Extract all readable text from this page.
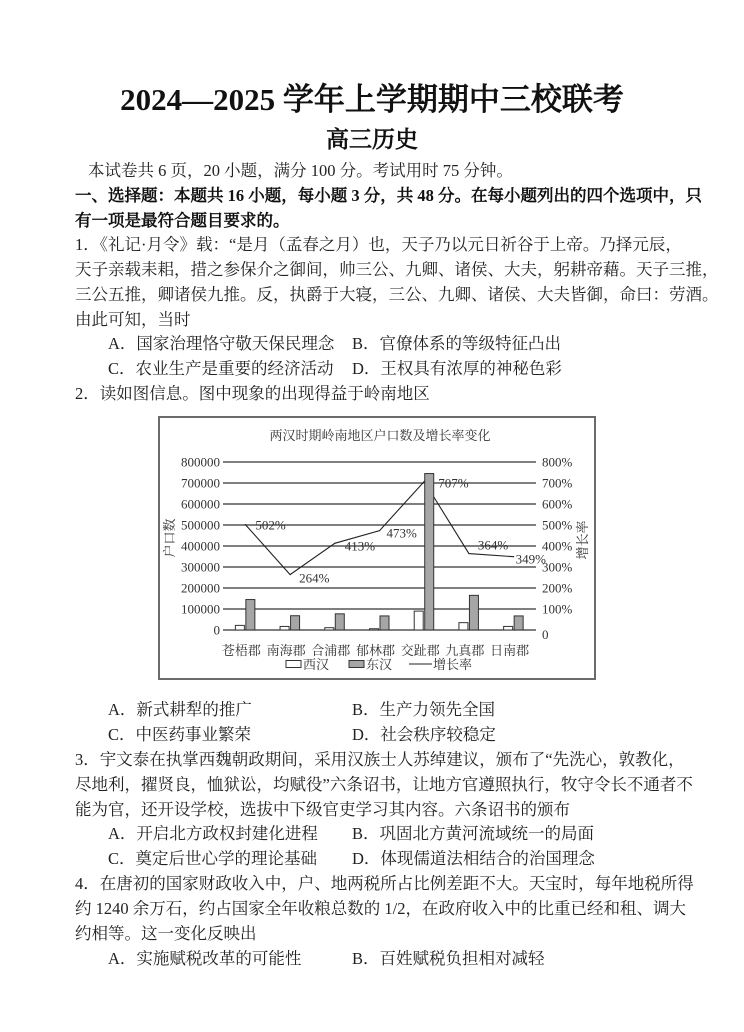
2024—2025 学年上学期期中三校联考
高三历史
本试卷共 6 页，20 小题，满分 100 分。考试用时 75 分钟。
一、选择题：本题共 16 小题，每小题 3 分，共 48 分。在每小题列出的四个选项中，只
有一项是最符合题目要求的。
1．《礼记·月令》载：“是月（孟春之月）也，天子乃以元日祈谷于上帝。乃择元辰，
天子亲载耒耜，措之参保介之御间，帅三公、九卿、诸侯、大夫，躬耕帝藉。天子三推，
三公五推，卿诸侯九推。反，执爵于大寝，三公、九卿、诸侯、大夫皆御，命曰：劳酒。
由此可知，当时
A．国家治理恪守敬天保民理念 B．官僚体系的等级特征凸出
C．农业生产是重要的经济活动 D．王权具有浓厚的神秘色彩
2．读如图信息。图中现象的出现得益于岭南地区
两汉时期岭南地区户口数及增长率变化
0
100000
200000
300000
400000
500000
600000
700000
800000
0
100%
200%
300%
400%
500%
600%
700%
800%
户口数	增长率
502%
264%
413%
473%
707%
364%
349%
苍梧郡 南海郡 合浦郡 郁林郡 交趾郡 九真郡 日南郡
西汉	东汉	增长率
A．新式耕犁的推广	B．生产力领先全国
C．中医药事业繁荣	D．社会秩序较稳定
3．宇文泰在执掌西魏朝政期间，采用汉族士人苏绰建议，颁布了“先洗心，敦教化，
尽地利，擢贤良，恤狱讼，均赋役”六条诏书，让地方官遵照执行，牧守令长不通者不
能为官，还开设学校，选拔中下级官吏学习其内容。六条诏书的颁布
A．开启北方政权封建化进程 B．巩固北方黄河流域统一的局面
C．奠定后世心学的理论基础 D．体现儒道法相结合的治国理念
4．在唐初的国家财政收入中，户、地两税所占比例差距不大。天宝时，每年地税所得
约 1240 余万石，约占国家全年收粮总数的 1/2，在政府收入中的比重已经和租、调大
约相等。这一变化反映出
A．实施赋税改革的可能性	B．百姓赋税负担相对减轻
